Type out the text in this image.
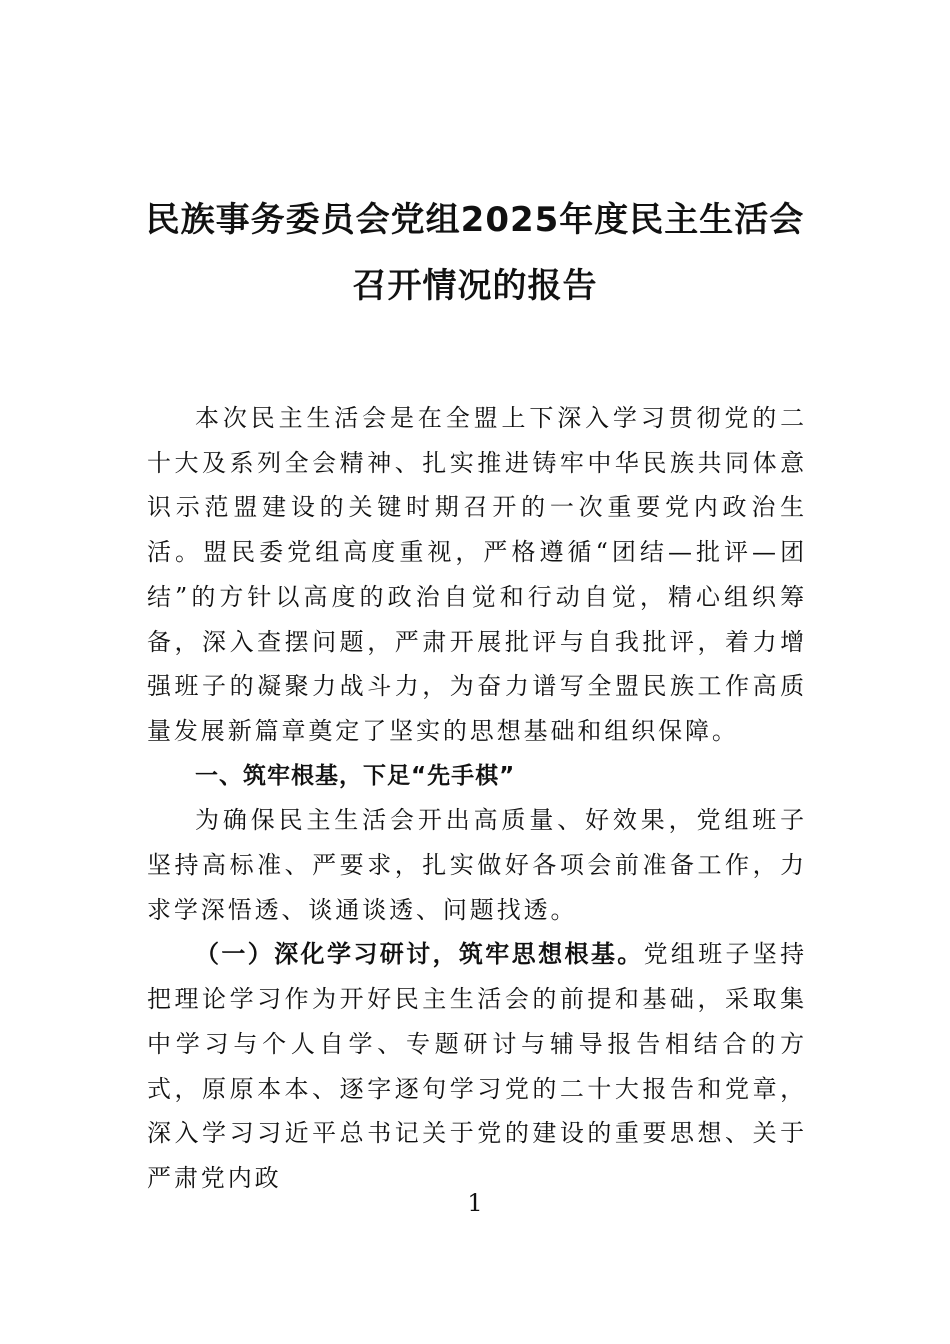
民族事务委员会党组2025年度民主生活会
召开情况的报告

本次民主生活会是在全盟上下深入学习贯彻党的二十大及系列全会精神、扎实推进铸牢中华民族共同体意识示范盟建设的关键时期召开的一次重要党内政治生活。盟民委党组高度重视，严格遵循“团结—批评—团结”的方针以高度的政治自觉和行动自觉，精心组织筹备，深入查摆问题，严肃开展批评与自我批评，着力增强班子的凝聚力战斗力，为奋力谱写全盟民族工作高质量发展新篇章奠定了坚实的思想基础和组织保障。

一、筑牢根基，下足“先手棋”

为确保民主生活会开出高质量、好效果，党组班子坚持高标准、严要求，扎实做好各项会前准备工作，力求学深悟透、谈通谈透、问题找透。

（一）深化学习研讨，筑牢思想根基。党组班子坚持把理论学习作为开好民主生活会的前提和基础，采取集中学习与个人自学、专题研讨与辅导报告相结合的方式，原原本本、逐字逐句学习党的二十大报告和党章，深入学习习近平总书记关于党的建设的重要思想、关于严肃党内政

1
